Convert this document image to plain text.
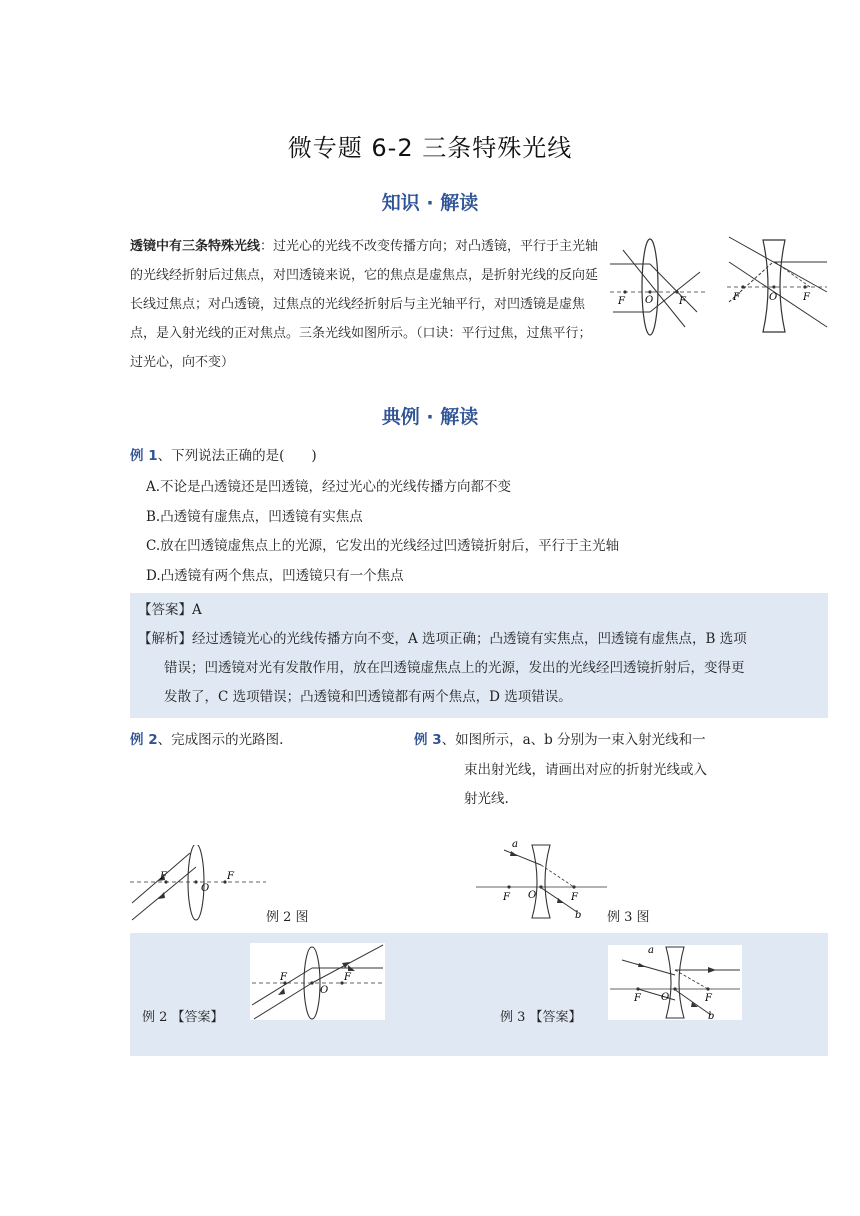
微专题 6-2 三条特殊光线
知识 · 解读
透镜中有三条特殊光线：过光心的光线不改变传播方向；对凸透镜，平行于主光轴的光线经折射后过焦点，对凹透镜来说，它的焦点是虚焦点，是折射光线的反向延长线过焦点；对凸透镜，过焦点的光线经折射后与主光轴平行，对凹透镜是虚焦点，是入射光线的正对焦点。三条光线如图所示。（口诀：平行过焦，过焦平行；过光心，向不变）
F O	F	F	O	F
典例 · 解读
例 1、下列说法正确的是(　　)
A.不论是凸透镜还是凹透镜，经过光心的光线传播方向都不变
B.凸透镜有虚焦点，凹透镜有实焦点
C.放在凹透镜虚焦点上的光源，它发出的光线经过凹透镜折射后，平行于主光轴
D.凸透镜有两个焦点，凹透镜只有一个焦点
【答案】A
【解析】经过透镜光心的光线传播方向不变，A 选项正确；凸透镜有实焦点，凹透镜有虚焦点，B 选项
错误；凹透镜对光有发散作用，放在凹透镜虚焦点上的光源，发出的光线经凹透镜折射后，变得更
发散了，C 选项错误；凸透镜和凹透镜都有两个焦点，D 选项错误。
例 2、完成图示的光路图.	例 3、如图所示，a、b 分别为一束入射光线和一
束出射光线，请画出对应的折射光线或入
射光线.
F
O
F
例 2 图
a
F O	F
b 例 3 图
例 2 【答案】	例 3 【答案】
F
O
F
a
F O	F
b
